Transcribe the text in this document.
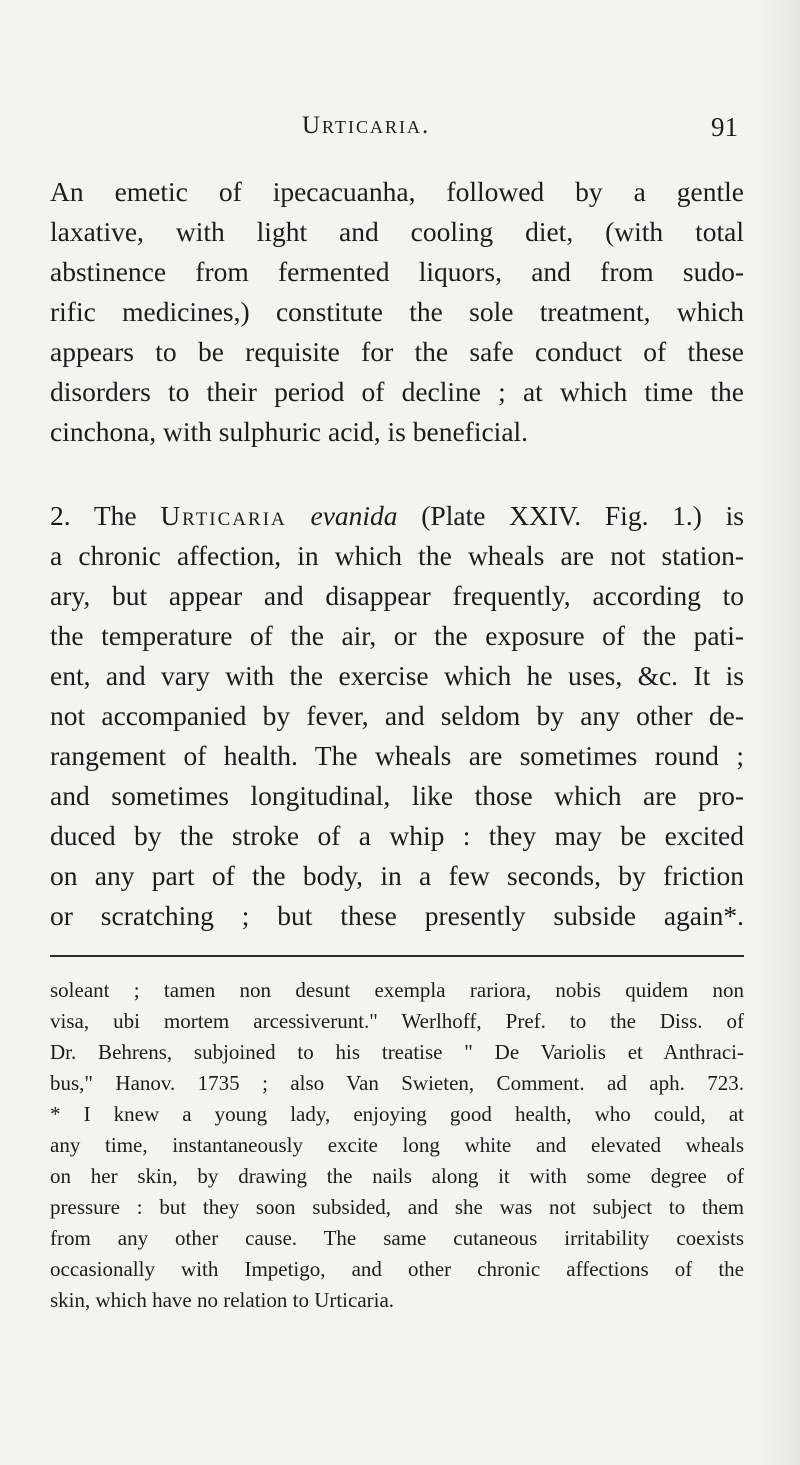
Urticaria.	91
An emetic of ipecacuanha, followed by a gentle
laxative, with light and cooling diet, (with total
abstinence from fermented liquors, and from sudo-
rific medicines,) constitute the sole treatment, which
appears to be requisite for the safe conduct of these
disorders to their period of decline ; at which time the
cinchona, with sulphuric acid, is beneficial.
2. The Urticaria evanida (Plate XXIV. Fig. 1.) is
a chronic affection, in which the wheals are not station-
ary, but appear and disappear frequently, according to
the temperature of the air, or the exposure of the pati-
ent, and vary with the exercise which he uses, &c. It is
not accompanied by fever, and seldom by any other de-
rangement of health. The wheals are sometimes round ;
and sometimes longitudinal, like those which are pro-
duced by the stroke of a whip : they may be excited
on any part of the body, in a few seconds, by friction
or scratching ; but these presently subside again*.
soleant ; tamen non desunt exempla rariora, nobis quidem non
visa, ubi mortem arcessiverunt." Werlhoff, Pref. to the Diss. of
Dr. Behrens, subjoined to his treatise " De Variolis et Anthraci-
bus," Hanov. 1735 ; also Van Swieten, Comment. ad aph. 723.
* I knew a young lady, enjoying good health, who could, at
any time, instantaneously excite long white and elevated wheals
on her skin, by drawing the nails along it with some degree of
pressure : but they soon subsided, and she was not subject to them
from any other cause. The same cutaneous irritability coexists
occasionally with Impetigo, and other chronic affections of the
skin, which have no relation to Urticaria.
